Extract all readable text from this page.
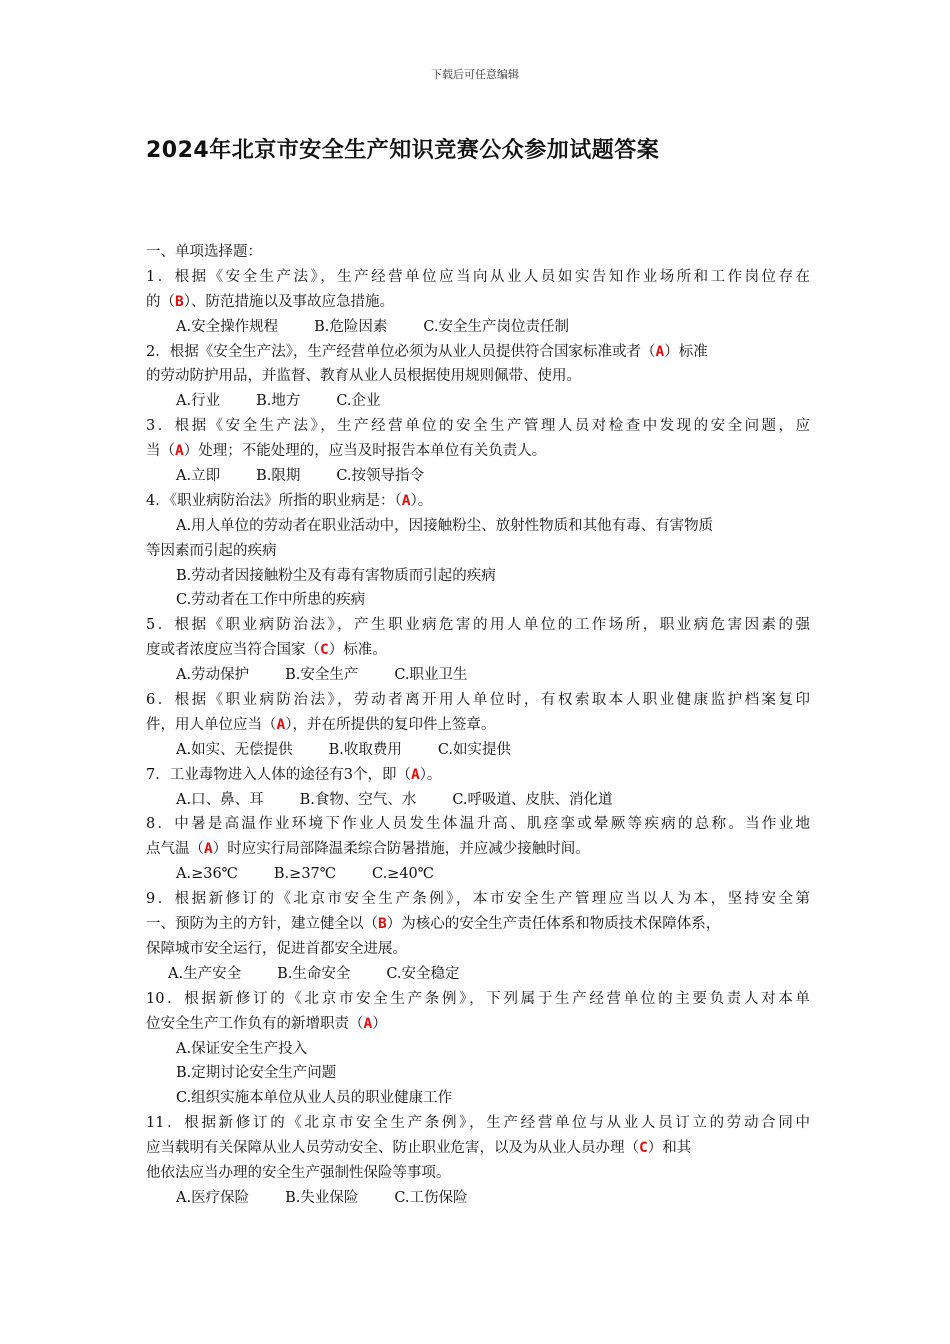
下载后可任意编辑
2024年北京市安全生产知识竞赛公众参加试题答案
一、单项选择题：
1．根据《安全生产法》，生产经营单位应当向从业人员如实告知作业场所和工作岗位存在
的（B）、防范措施以及事故应急措施。
A.安全操作规程 B.危险因素 C.安全生产岗位责任制
2．根据《安全生产法》，生产经营单位必须为从业人员提供符合国家标准或者（A）标准
的劳动防护用品，并监督、教育从业人员根据使用规则佩带、使用。
A.行业 B.地方 C.企业
3．根据《安全生产法》，生产经营单位的安全生产管理人员对检查中发现的安全问题，应
当（A）处理；不能处理的，应当及时报告本单位有关负责人。
A.立即 B.限期 C.按领导指令
4．《职业病防治法》所指的职业病是：（A）。
A.用人单位的劳动者在职业活动中，因接触粉尘、放射性物质和其他有毒、有害物质
等因素而引起的疾病
B.劳动者因接触粉尘及有毒有害物质而引起的疾病
C.劳动者在工作中所患的疾病
5．根据《职业病防治法》，产生职业病危害的用人单位的工作场所，职业病危害因素的强
度或者浓度应当符合国家（C）标准。
A.劳动保护 B.安全生产 C.职业卫生
6．根据《职业病防治法》，劳动者离开用人单位时，有权索取本人职业健康监护档案复印
件，用人单位应当（A），并在所提供的复印件上签章。
A.如实、无偿提供 B.收取费用 C.如实提供
7．工业毒物进入人体的途径有3个，即（A）。
A.口、鼻、耳 B.食物、空气、水 C.呼吸道、皮肤、消化道
8．中暑是高温作业环境下作业人员发生体温升高、肌痉挛或晕厥等疾病的总称。当作业地
点气温（A）时应实行局部降温柔综合防暑措施，并应减少接触时间。
A.≥36℃ B.≥37℃ C.≥40℃
9．根据新修订的《北京市安全生产条例》，本市安全生产管理应当以人为本，坚持安全第
一、预防为主的方针，建立健全以（B）为核心的安全生产责任体系和物质技术保障体系，
保障城市安全运行，促进首都安全进展。
A.生产安全 B.生命安全 C.安全稳定
10．根据新修订的《北京市安全生产条例》，下列属于生产经营单位的主要负责人对本单
位安全生产工作负有的新增职责（A）
A.保证安全生产投入
B.定期讨论安全生产问题
C.组织实施本单位从业人员的职业健康工作
11．根据新修订的《北京市安全生产条例》，生产经营单位与从业人员订立的劳动合同中
应当载明有关保障从业人员劳动安全、防止职业危害，以及为从业人员办理（C）和其
他依法应当办理的安全生产强制性保险等事项。
A.医疗保险 B.失业保险 C.工伤保险
